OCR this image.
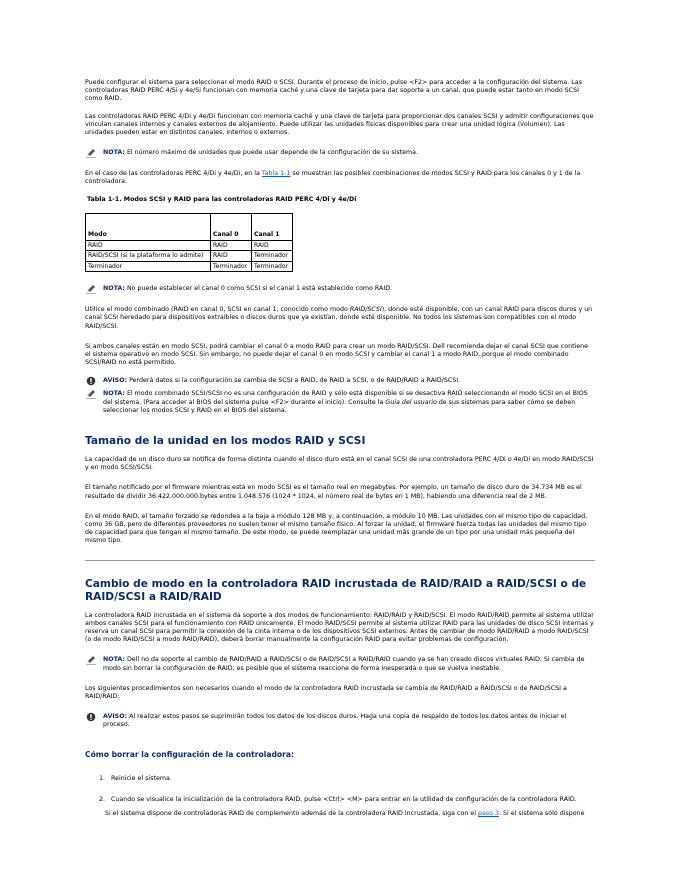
Puede configurar el sistema para seleccionar el modo RAID o SCSI. Durante el proceso de inicio, pulse <F2> para acceder a la configuración del sistema. Las controladoras RAID PERC 4/Si y 4e/Si funcionan con memoria caché y una clave de tarjeta para dar soporte a un canal, que puede estar tanto en modo SCSI como RAID.

Las controladoras RAID PERC 4/Di y 4e/Di funcionan con memoria caché y una clave de tarjeta para proporcionar dos canales SCSI y admitir configuraciones que vinculan canales internos y canales externos de alojamiento. Puede utilizar las unidades físicas disponibles para crear una unidad lógica (volumen). Las unidades pueden estar en distintos canales, internos o externos.

NOTA: El número máximo de unidades que puede usar depende de la configuración de su sistema.

En el caso de las controladoras PERC 4/Di y 4e/Di, en la Tabla 1-1 se muestran las posibles combinaciones de modos SCSI y RAID para los canales 0 y 1 de la controladora.

Tabla 1-1. Modos SCSI y RAID para las controladoras RAID PERC 4/Di y 4e/Di

Modo	Canal 0	Canal 1
RAID	RAID	RAID
RAID/SCSI (si la plataforma lo admite)	RAID	Terminador
Terminador	Terminador	Terminador

NOTA: No puede establecer el canal 0 como SCSI si el canal 1 está establecido como RAID.

Utilice el modo combinado (RAID en canal 0, SCSI en canal 1, conocido como modo RAID/SCSI), donde esté disponible, con un canal RAID para discos duros y un canal SCSI heredado para dispositivos extraíbles o discos duros que ya existían, donde esté disponible. No todos los sistemas son compatibles con el modo RAID/SCSI.

Si ambos canales están en modo SCSI, podrá cambiar el canal 0 a modo RAID para crear un modo RAID/SCSI. Dell recomienda dejar el canal SCSI que contiene el sistema operativo en modo SCSI. Sin embargo, no puede dejar el canal 0 en modo SCSI y cambiar el canal 1 a modo RAID, porque el modo combinado SCSI/RAID no está permitido.

AVISO: Perderá datos si la configuración se cambia de SCSI a RAID, de RAID a SCSI, o de RAID/RAID a RAID/SCSI.

NOTA: El modo combinado SCSI/SCSI no es una configuración de RAID y sólo está disponible si se desactiva RAID seleccionando el modo SCSI en el BIOS del sistema. (Para acceder al BIOS del sistema pulse <F2> durante el inicio). Consulte la Guía del usuario de sus sistemas para saber cómo se deben seleccionar los modos SCSI y RAID en el BIOS del sistema.

Tamaño de la unidad en los modos RAID y SCSI

La capacidad de un disco duro se notifica de forma distinta cuando el disco duro está en el canal SCSI de una controladora PERC 4/Di o 4e/Di en modo RAID/SCSI y en modo SCSI/SCSI.

El tamaño notificado por el firmware mientras está en modo SCSI es el tamaño real en megabytes. Por ejemplo, un tamaño de disco duro de 34.734 MB es el resultado de dividir 36.422.000.000 bytes entre 1.048.576 (1024 * 1024, el número real de bytes en 1 MB), habiendo una diferencia real de 2 MB.

En el modo RAID, el tamaño forzado se redondea a la baja a módulo 128 MB y, a continuación, a módulo 10 MB. Las unidades con el mismo tipo de capacidad, como 36 GB, pero de diferentes proveedores no suelen tener el mismo tamaño físico. Al forzar la unidad, el firmware fuerza todas las unidades del mismo tipo de capacidad para que tengan el mismo tamaño. De este modo, se puede reemplazar una unidad más grande de un tipo por una unidad más pequeña del mismo tipo.

Cambio de modo en la controladora RAID incrustada de RAID/RAID a RAID/SCSI o de RAID/SCSI a RAID/RAID

La controladora RAID incrustada en el sistema da soporte a dos modos de funcionamiento: RAID/RAID y RAID/SCSI. El modo RAID/RAID permite al sistema utilizar ambos canales SCSI para el funcionamiento con RAID únicamente. El modo RAID/SCSI permite al sistema utilizar RAID para las unidades de disco SCSI internas y reserva un canal SCSI para permitir la conexión de la cinta interna o de los dispositivos SCSI externos. Antes de cambiar de modo RAID/RAID a modo RAID/SCSI (o de modo RAID/SCSI a modo RAID/RAID), deberá borrar manualmente la configuración RAID para evitar problemas de configuración.

NOTA: Dell no da soporte al cambio de RAID/RAID a RAID/SCSI o de RAID/SCSI a RAID/RAID cuando ya se han creado discos virtuales RAID. Si cambia de modo sin borrar la configuración de RAID, es posible que el sistema reaccione de forma inesperada o que se vuelva inestable.

Los siguientes procedimientos son necesarios cuando el modo de la controladora RAID incrustada se cambia de RAID/RAID a RAID/SCSI o de RAID/SCSI a RAID/RAID:

AVISO: Al realizar estos pasos se suprimirán todos los datos de los discos duros. Haga una copia de respaldo de todos los datos antes de iniciar el proceso.

Cómo borrar la configuración de la controladora:
1. Reinicie el sistema.
2. Cuando se visualice la inicialización de la controladora RAID, pulse <Ctrl> <M> para entrar en la utilidad de configuración de la controladora RAID.

Si el sistema dispone de controladoras RAID de complemento además de la controladora RAID incrustada, siga con el paso 3. Si el sistema sólo dispone
